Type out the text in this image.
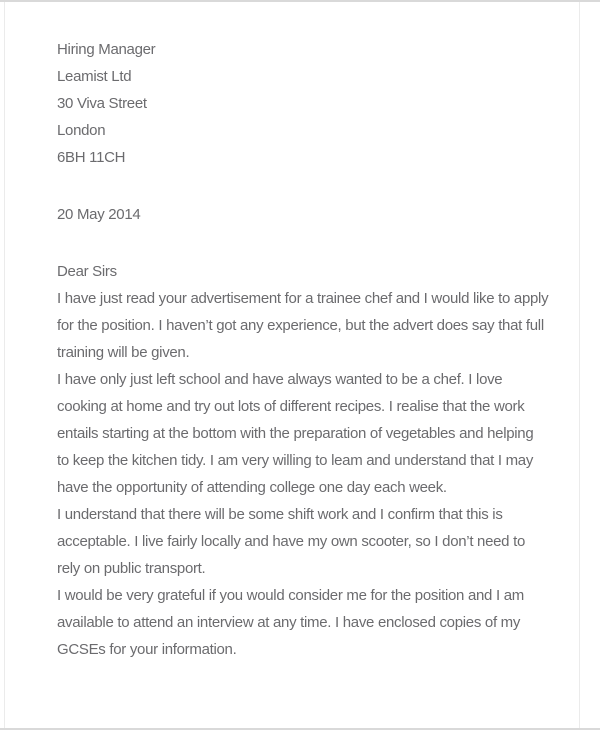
Hiring Manager
Leamist Ltd
30 Viva Street
London
6BH 11CH
20 May 2014
Dear Sirs

I have just read your advertisement for a trainee chef and I would like to apply for the position. I haven’t got any experience, but the advert does say that full training will be given.

I have only just left school and have always wanted to be a chef. I love cooking at home and try out lots of different recipes. I realise that the work entails starting at the bottom with the preparation of vegetables and helping to keep the kitchen tidy. I am very willing to leam and understand that I may have the opportunity of attending college one day each week.

I understand that there will be some shift work and I confirm that this is acceptable. I live fairly locally and have my own scooter, so I don’t need to rely on public transport.

I would be very grateful if you would consider me for the position and I am available to attend an interview at any time. I have enclosed copies of my GCSEs for your information.
